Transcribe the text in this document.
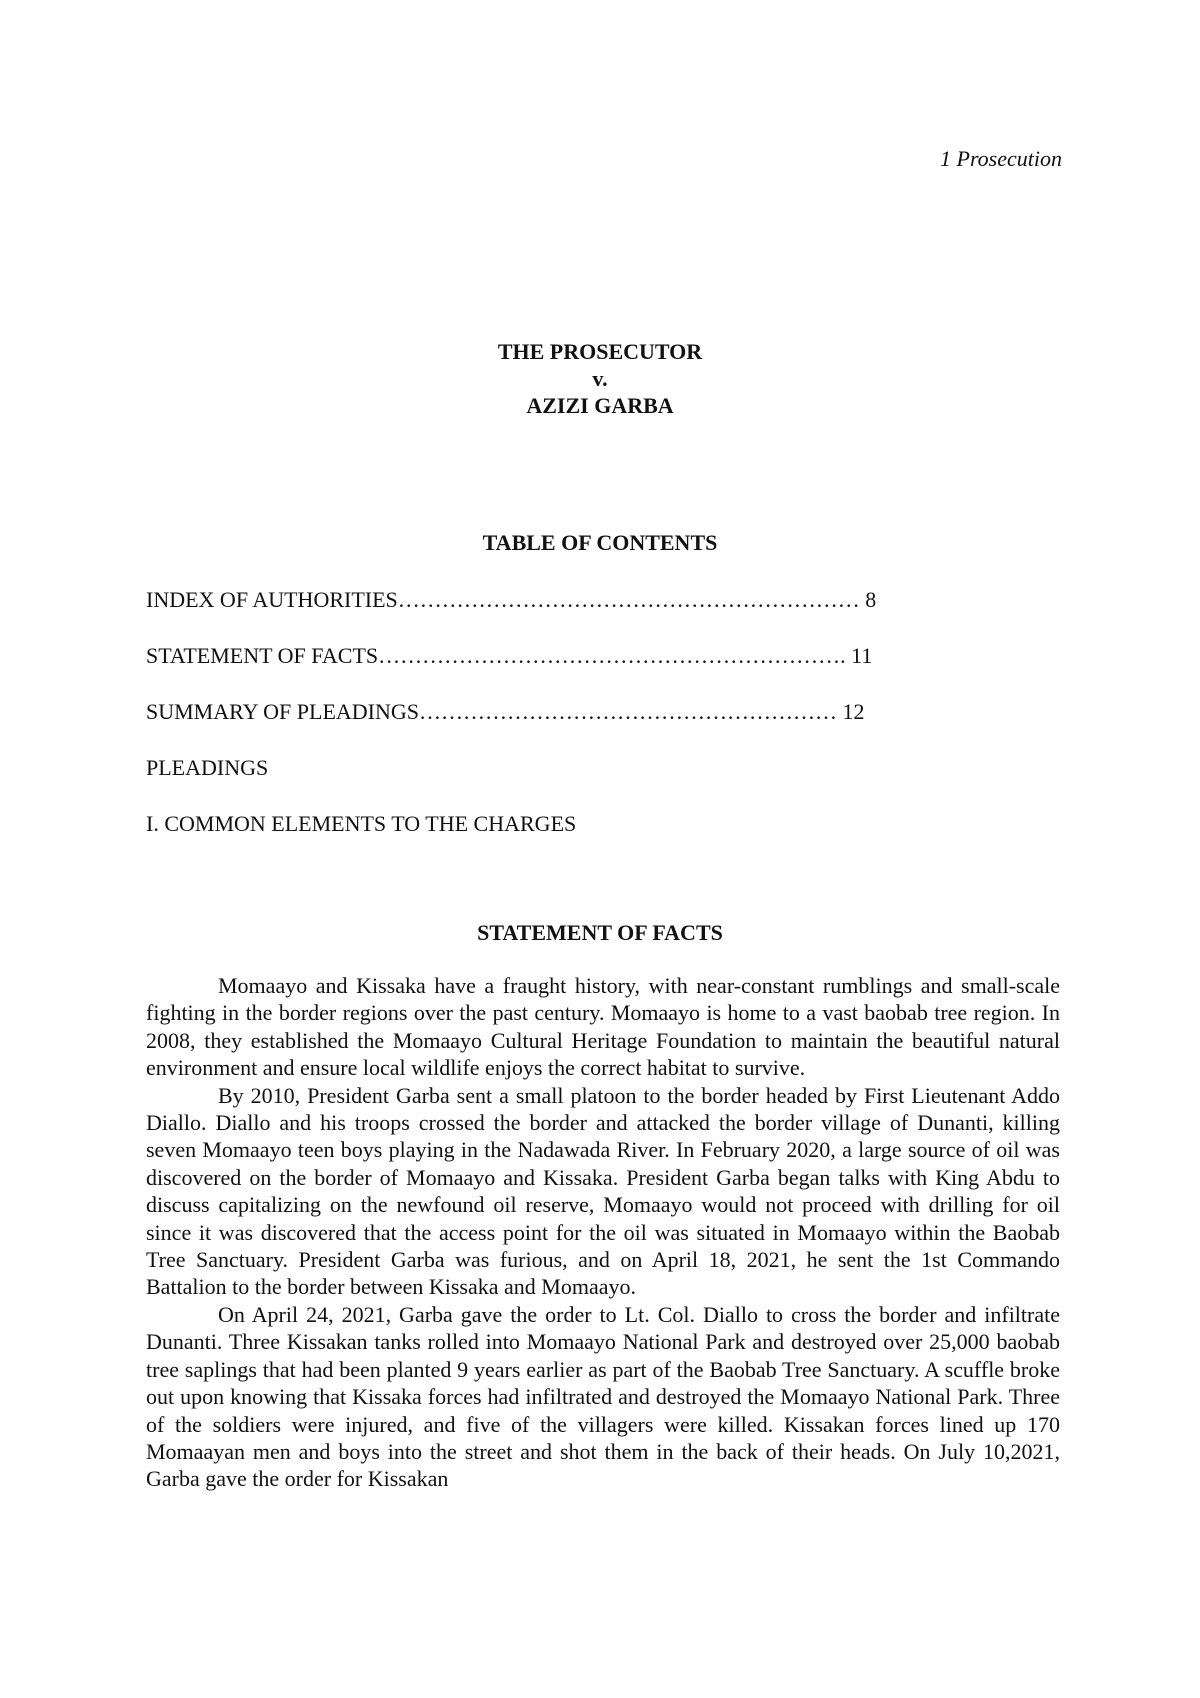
1 Prosecution
THE PROSECUTOR
v.
AZIZI GARBA
TABLE OF CONTENTS
INDEX OF AUTHORITIES……………………………………………………… 8
STATEMENT OF FACTS………………………………………………………. 11
SUMMARY OF PLEADINGS………………………………………………… 12
PLEADINGS
I. COMMON ELEMENTS TO THE CHARGES
STATEMENT OF FACTS

Momaayo and Kissaka have a fraught history, with near-constant rumblings and small-scale fighting in the border regions over the past century. Momaayo is home to a vast baobab tree region. In 2008, they established the Momaayo Cultural Heritage Foundation to maintain the beautiful natural environment and ensure local wildlife enjoys the correct habitat to survive.

By 2010, President Garba sent a small platoon to the border headed by First Lieutenant Addo Diallo. Diallo and his troops crossed the border and attacked the border village of Dunanti, killing seven Momaayo teen boys playing in the Nadawada River. In February 2020, a large source of oil was discovered on the border of Momaayo and Kissaka. President Garba began talks with King Abdu to discuss capitalizing on the newfound oil reserve, Momaayo would not proceed with drilling for oil since it was discovered that the access point for the oil was situated in Momaayo within the Baobab Tree Sanctuary. President Garba was furious, and on April 18, 2021, he sent the 1st Commando Battalion to the border between Kissaka and Momaayo.

On April 24, 2021, Garba gave the order to Lt. Col. Diallo to cross the border and infiltrate Dunanti. Three Kissakan tanks rolled into Momaayo National Park and destroyed over 25,000 baobab tree saplings that had been planted 9 years earlier as part of the Baobab Tree Sanctuary. A scuffle broke out upon knowing that Kissaka forces had infiltrated and destroyed the Momaayo National Park. Three of the soldiers were injured, and five of the villagers were killed. Kissakan forces lined up 170 Momaayan men and boys into the street and shot them in the back of their heads. On July 10,2021, Garba gave the order for Kissakan
